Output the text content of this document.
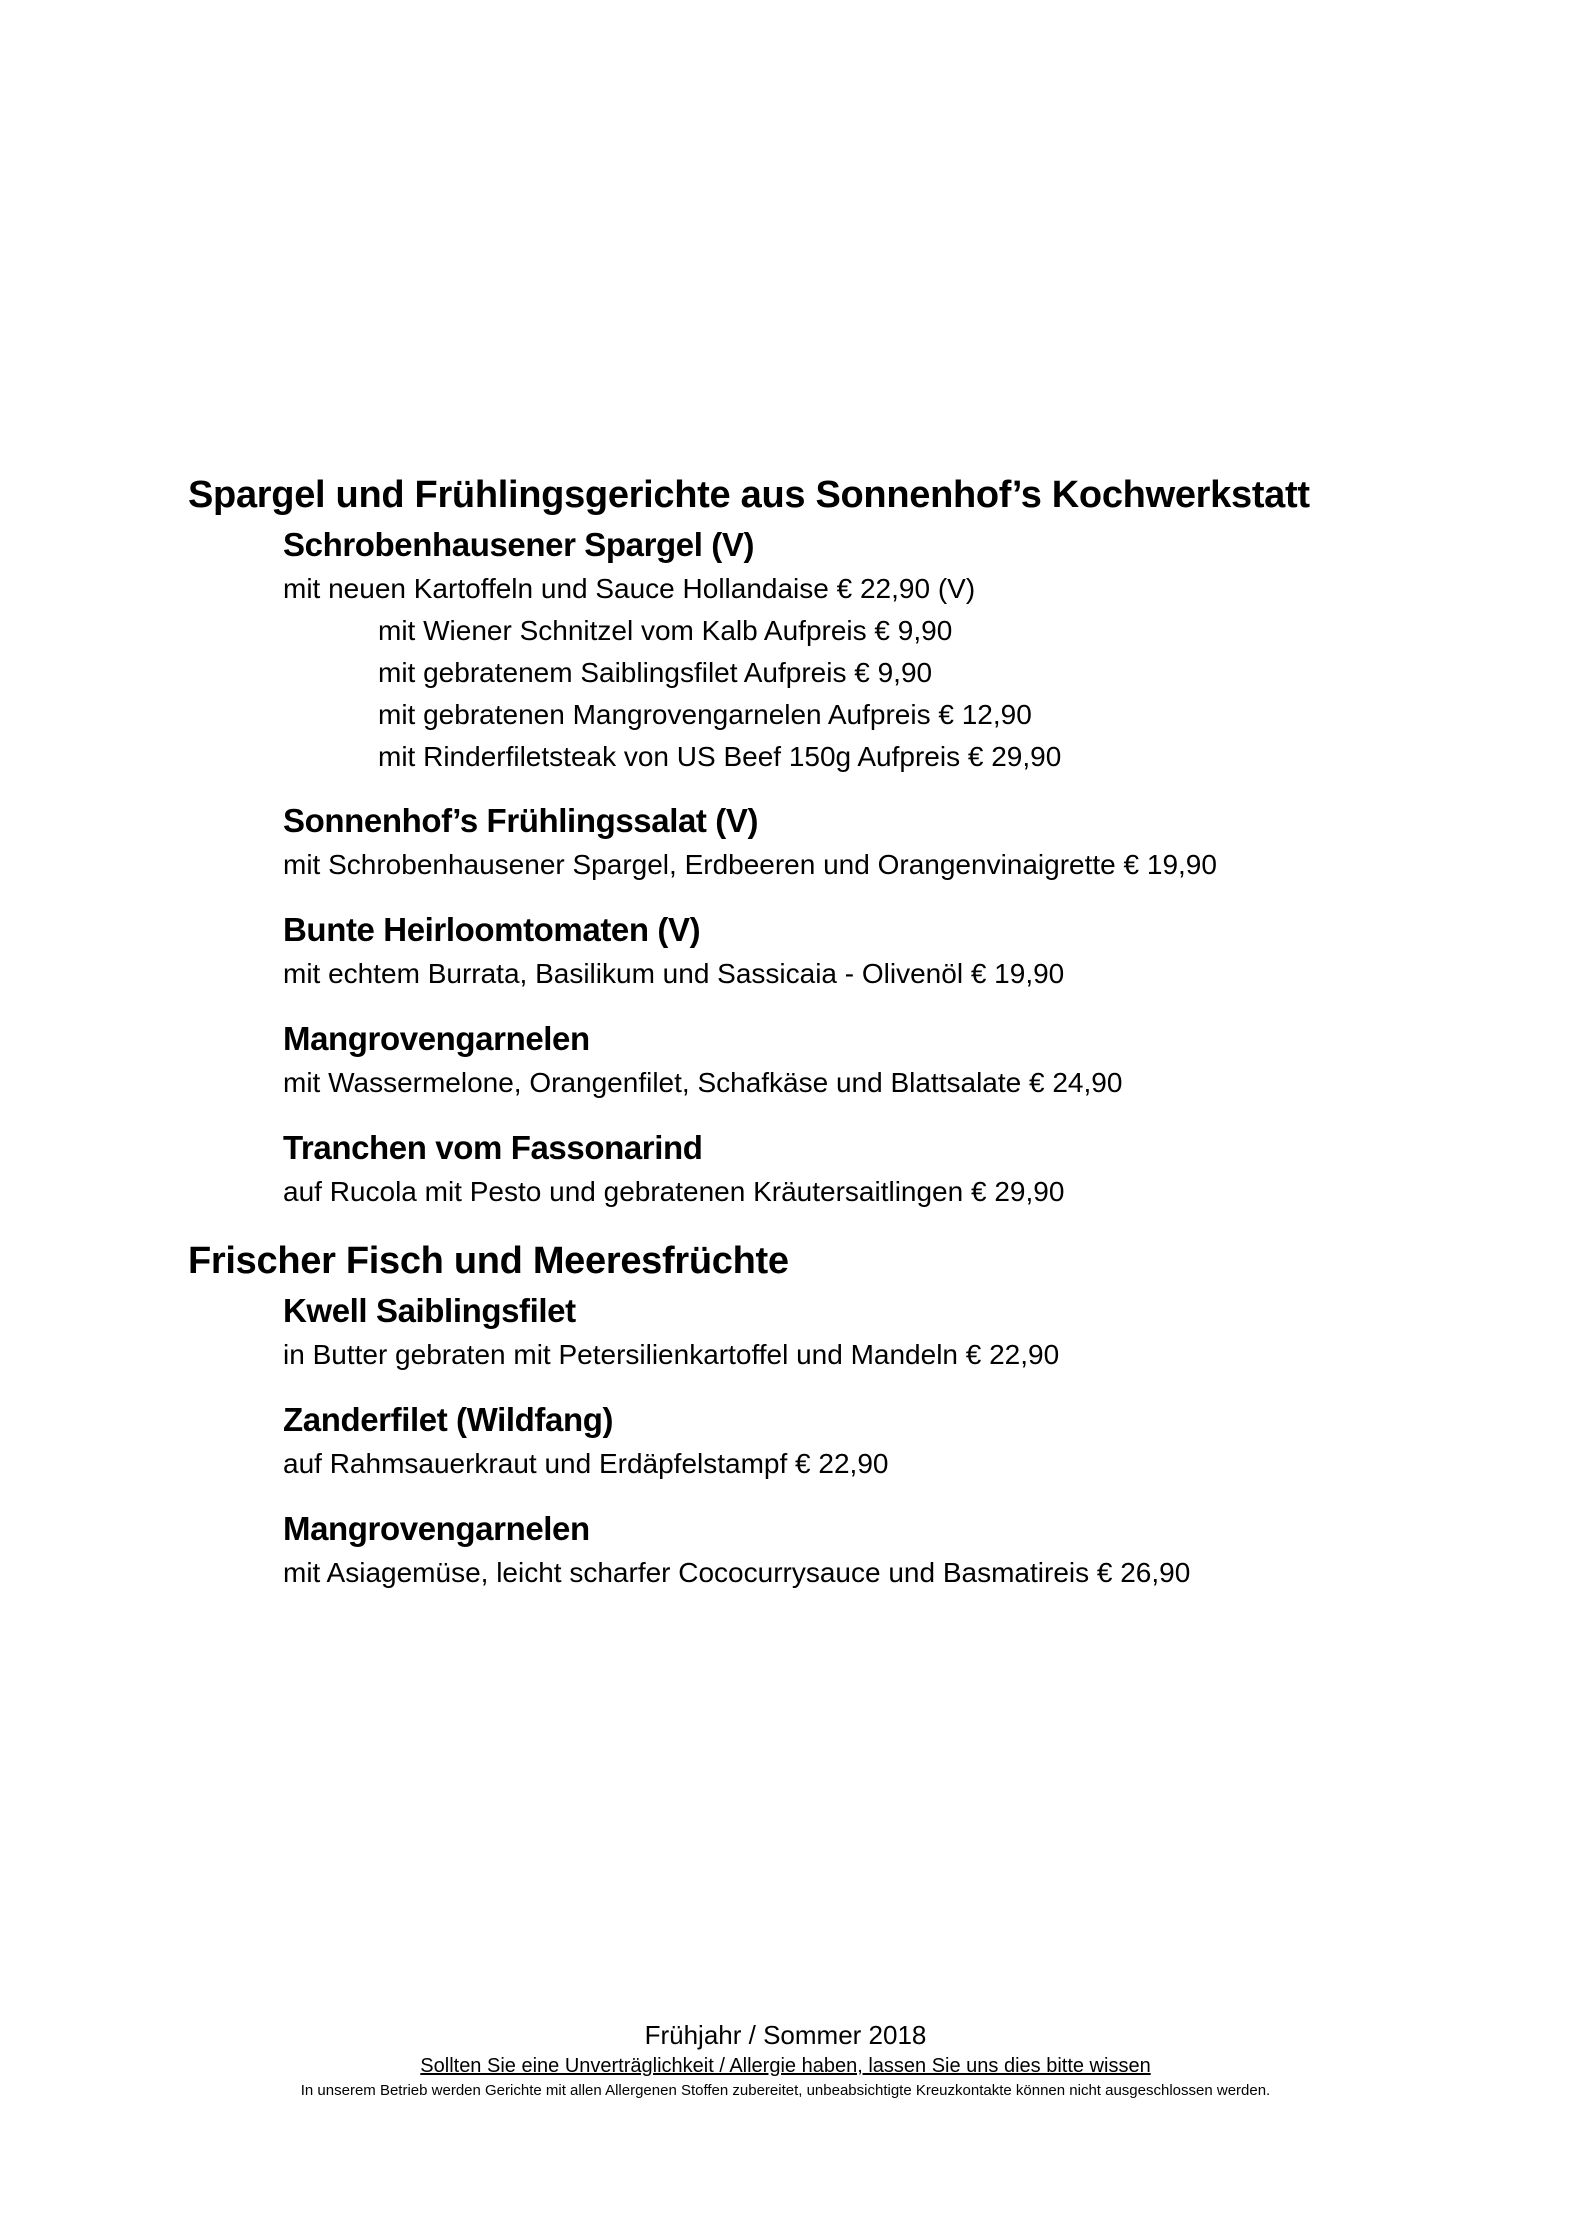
Spargel und Frühlingsgerichte aus Sonnenhof’s Kochwerkstatt
Schrobenhausener Spargel (V)

mit neuen Kartoffeln und Sauce Hollandaise € 22,90 (V)

mit Wiener Schnitzel vom Kalb Aufpreis € 9,90

mit gebratenem Saiblingsfilet Aufpreis € 9,90

mit gebratenen Mangrovengarnelen Aufpreis € 12,90

mit Rinderfiletsteak von US Beef 150g Aufpreis € 29,90

Sonnenhof’s Frühlingssalat (V)

mit Schrobenhausener Spargel, Erdbeeren und Orangenvinaigrette € 19,90

Bunte Heirloomtomaten (V)

mit echtem Burrata, Basilikum und Sassicaia - Olivenöl € 19,90

Mangrovengarnelen

mit Wassermelone, Orangenfilet, Schafkäse und Blattsalate € 24,90

Tranchen vom Fassonarind

auf Rucola mit Pesto und gebratenen Kräutersaitlingen € 29,90

Frischer Fisch und Meeresfrüchte
Kwell Saiblingsfilet

in Butter gebraten mit Petersilienkartoffel und Mandeln € 22,90

Zanderfilet (Wildfang)

auf Rahmsauerkraut und Erdäpfelstampf € 22,90

Mangrovengarnelen

mit Asiagemüse, leicht scharfer Cococurrysauce und Basmatireis € 26,90

Frühjahr / Sommer 2018

Sollten Sie eine Unverträglichkeit / Allergie haben, lassen Sie uns dies bitte wissen

In unserem Betrieb werden Gerichte mit allen Allergenen Stoffen zubereitet, unbeabsichtigte Kreuzkontakte können nicht ausgeschlossen werden.
